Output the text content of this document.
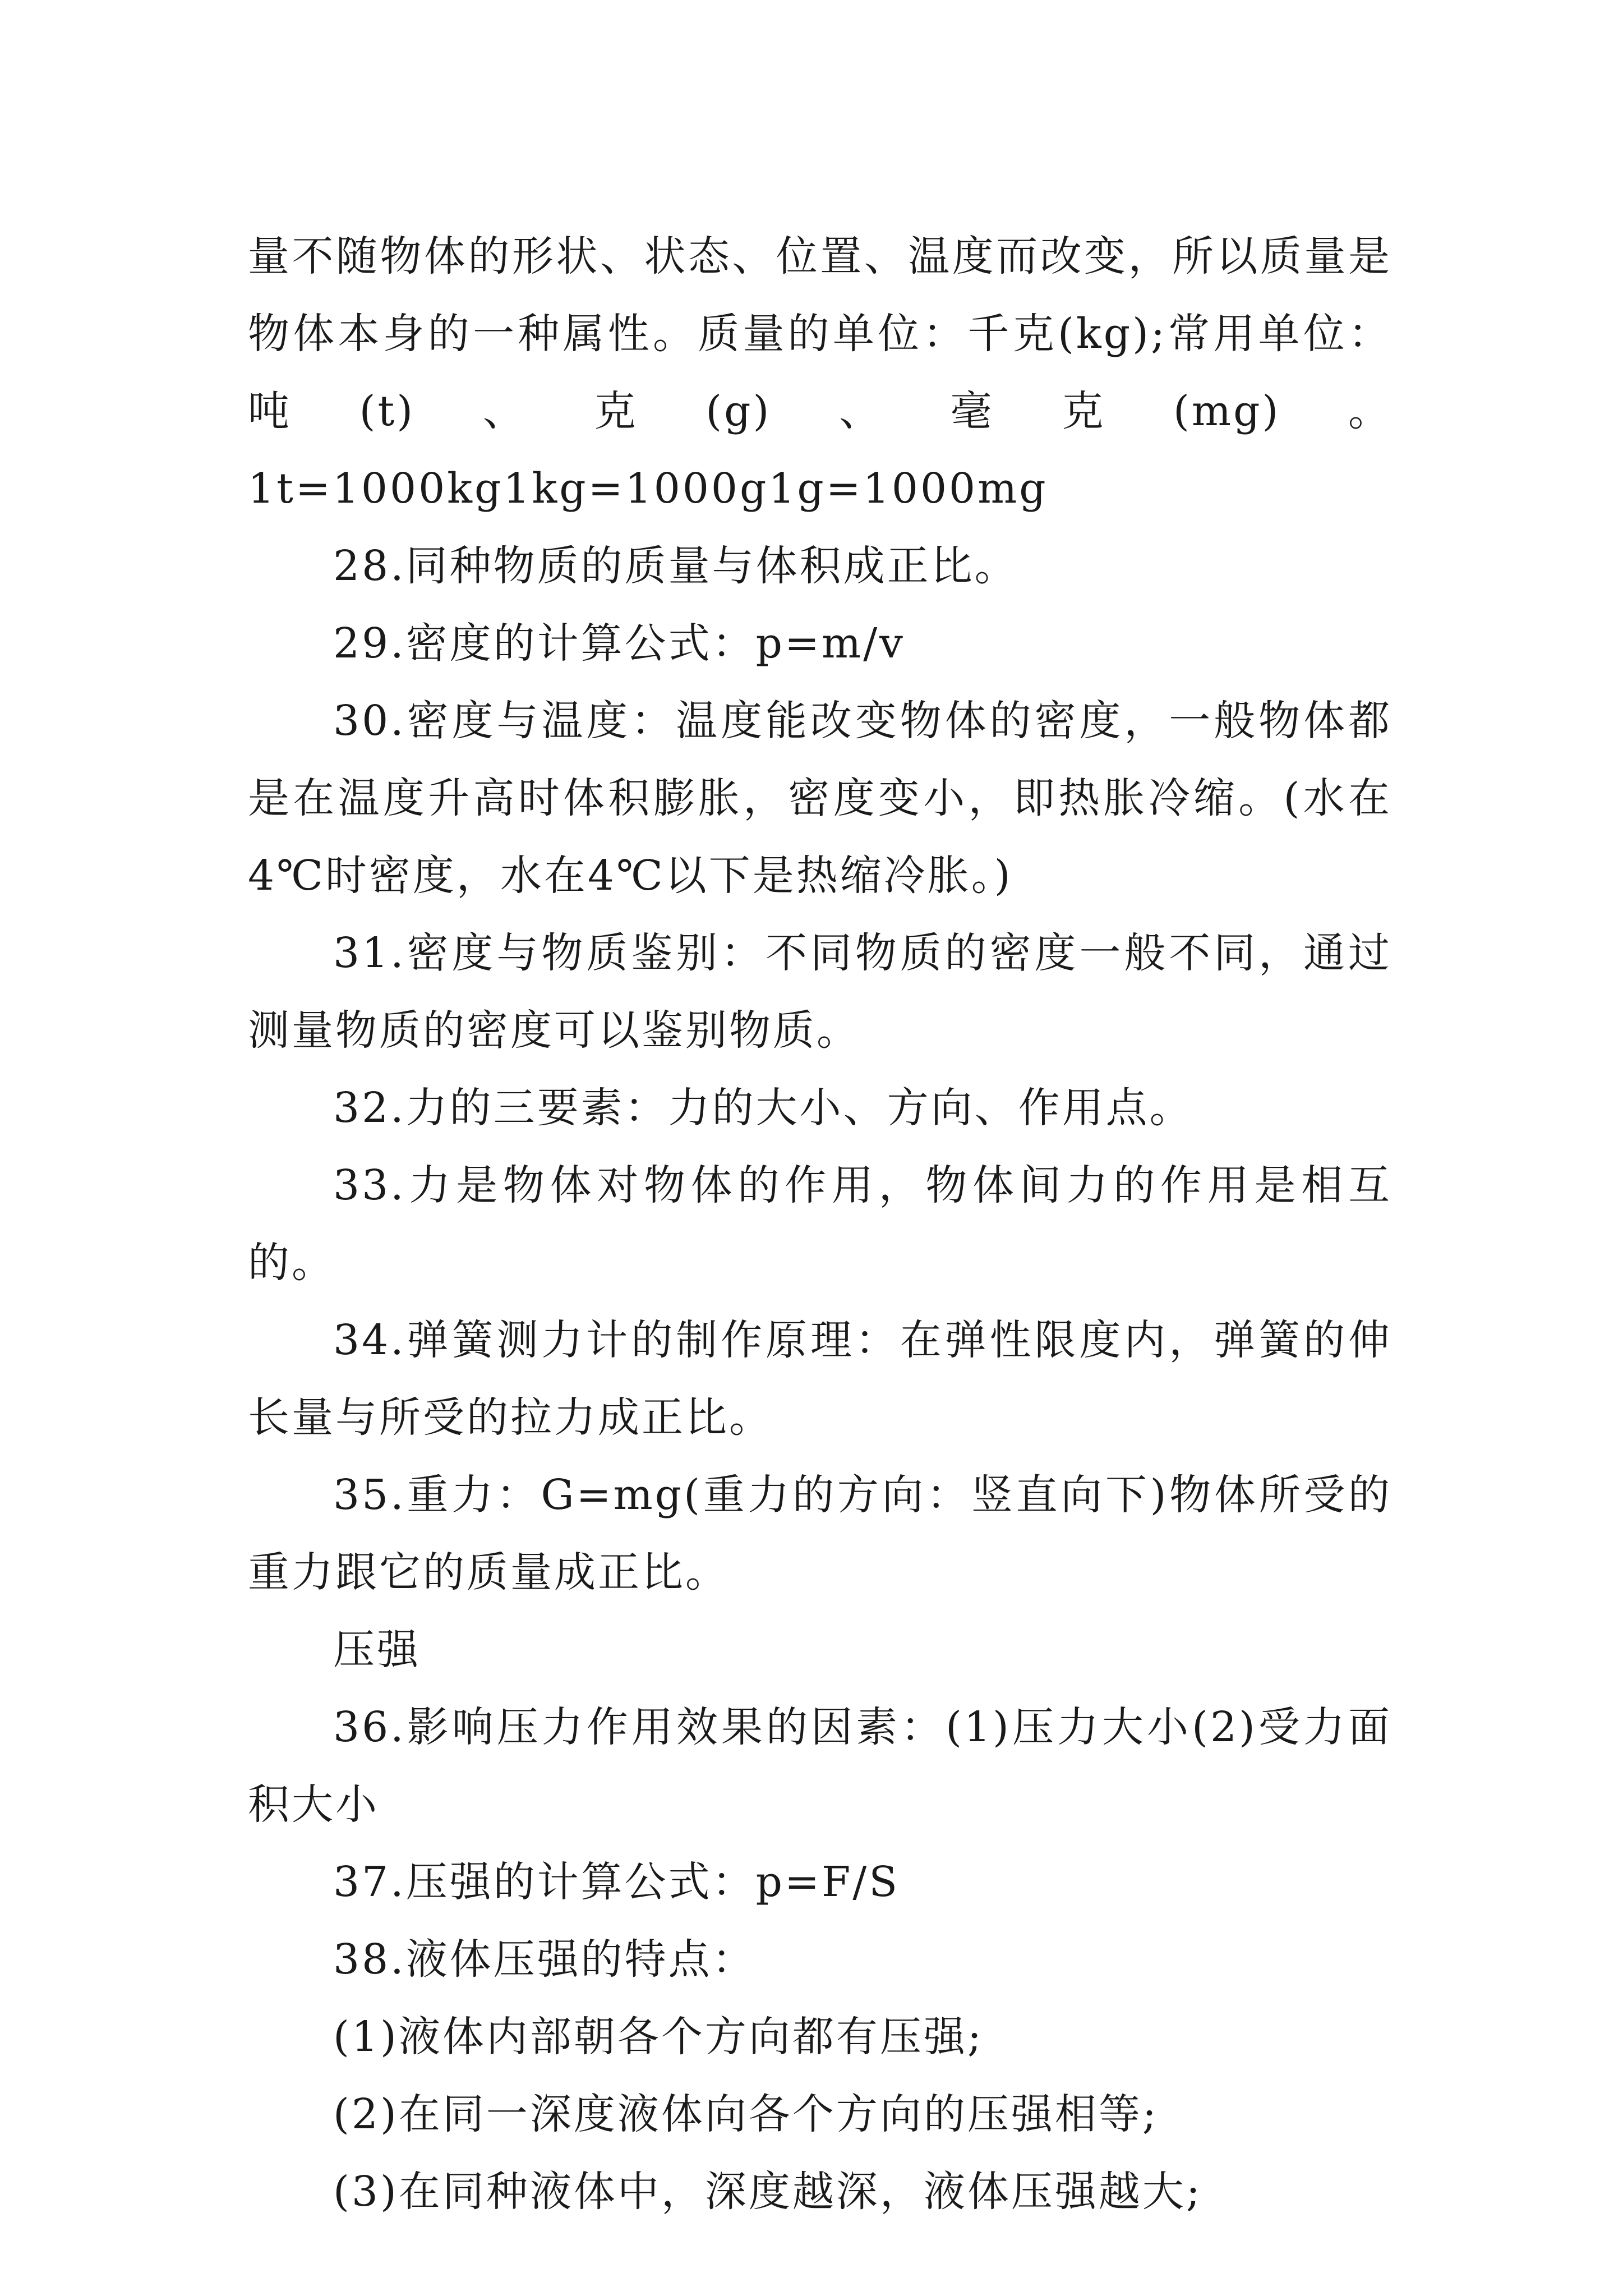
量不随物体的形状、状态、位置、温度而改变，所以质量是物体本身的一种属性。质量的单位：千克(kg);常用单位：吨(t)、克(g)、毫克(mg)。1t=1000kg1kg=1000g1g=1000mg

28.同种物质的质量与体积成正比。

29.密度的计算公式：p=m/v

30.密度与温度：温度能改变物体的密度，一般物体都是在温度升高时体积膨胀，密度变小，即热胀冷缩。(水在4℃时密度，水在4℃以下是热缩冷胀。)

31.密度与物质鉴别：不同物质的密度一般不同，通过测量物质的密度可以鉴别物质。

32.力的三要素：力的大小、方向、作用点。

33.力是物体对物体的作用，物体间力的作用是相互的。

34.弹簧测力计的制作原理：在弹性限度内，弹簧的伸长量与所受的拉力成正比。

35.重力：G=mg(重力的方向：竖直向下)物体所受的重力跟它的质量成正比。

压强

36.影响压力作用效果的因素：(1)压力大小(2)受力面积大小

37.压强的计算公式：p=F/S

38.液体压强的特点：

(1)液体内部朝各个方向都有压强;

(2)在同一深度液体向各个方向的压强相等;

(3)在同种液体中，深度越深，液体压强越大;
